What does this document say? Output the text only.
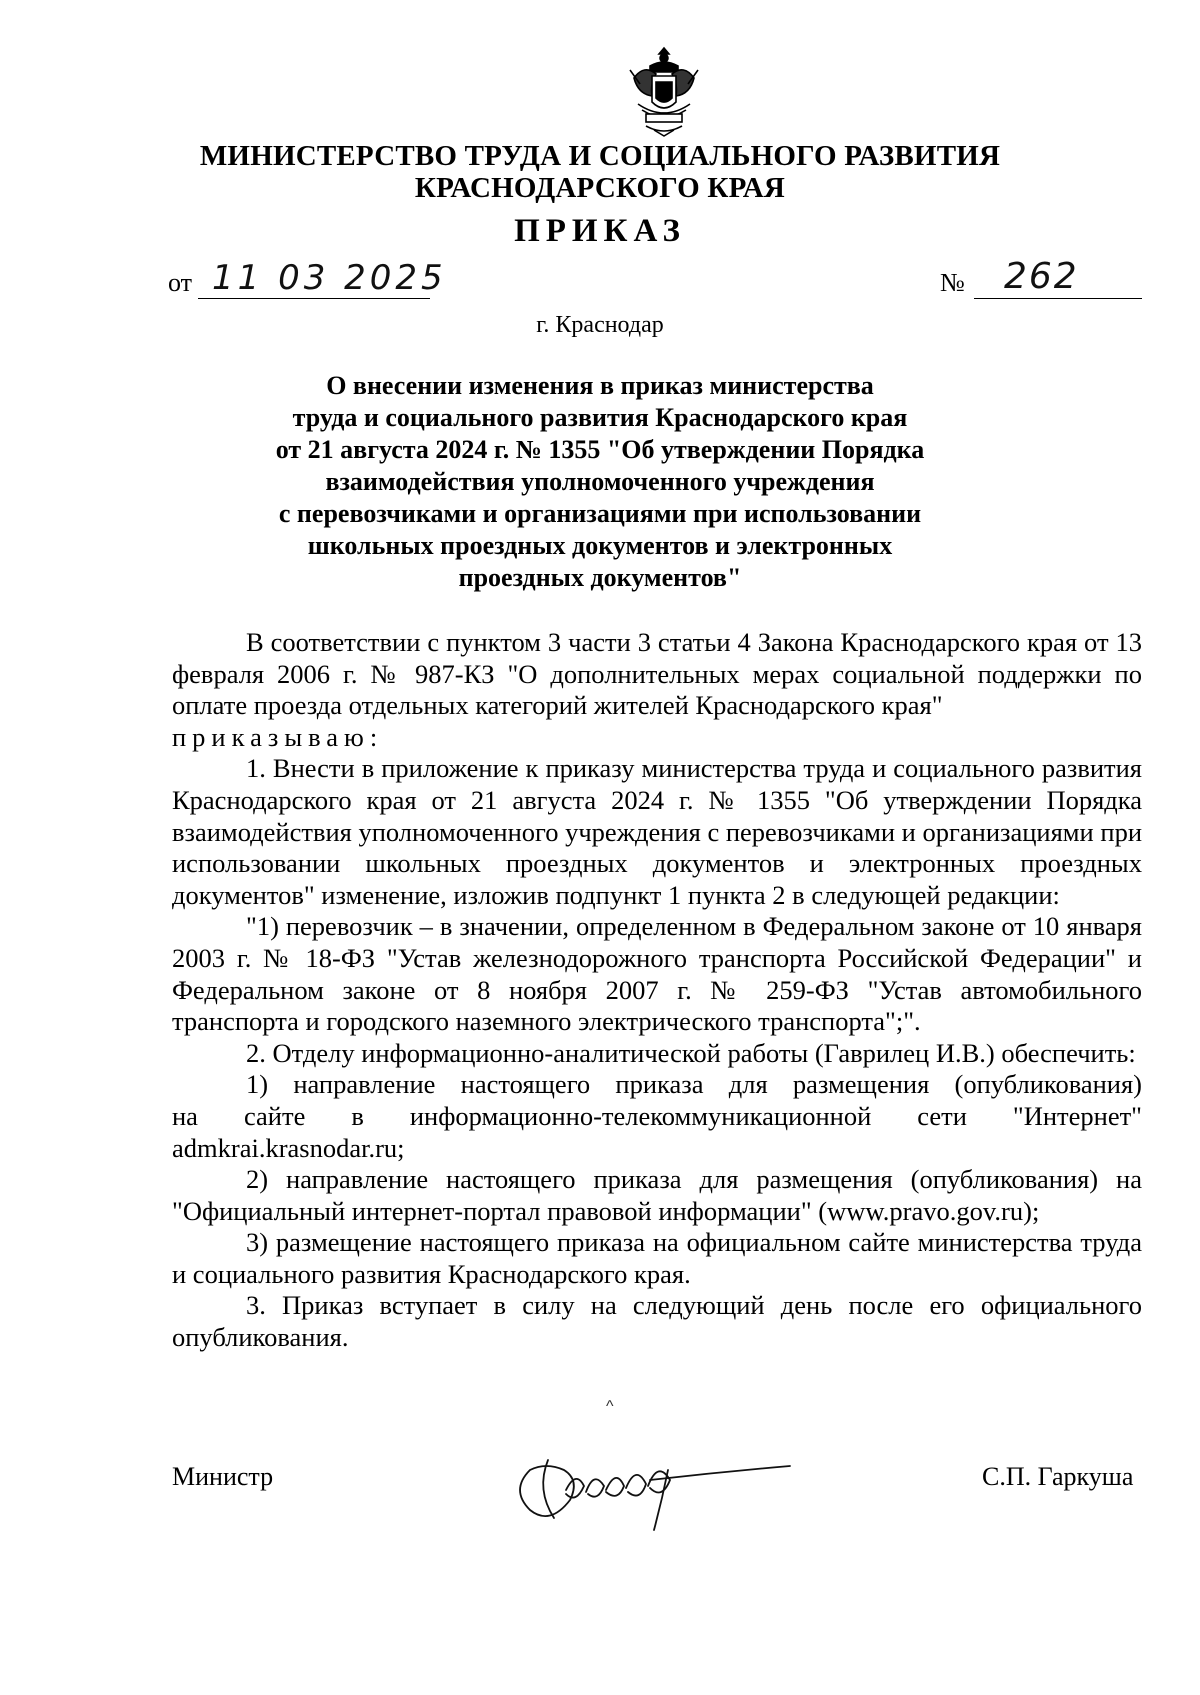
МИНИСТЕРСТВО ТРУДА И СОЦИАЛЬНОГО РАЗВИТИЯ
КРАСНОДАРСКОГО КРАЯ
ПРИКАЗ
от 11 03 2025	№ 262
г. Краснодар
О внесении изменения в приказ министерства
труда и социального развития Краснодарского края
от 21 августа 2024 г. № 1355 "Об утверждении Порядка
взаимодействия уполномоченного учреждения
с перевозчиками и организациями при использовании
школьных проездных документов и электронных
проездных документов"
В соответствии с пунктом 3 части 3 статьи 4 Закона Краснодарского края от 13 февраля 2006 г. № 987-КЗ "О дополнительных мерах социальной поддержки по оплате проезда отдельных категорий жителей Краснодарского края"
приказываю:
1. Внести в приложение к приказу министерства труда и социального развития Краснодарского края от 21 августа 2024 г. № 1355 "Об утверждении Порядка взаимодействия уполномоченного учреждения с перевозчиками и организациями при использовании школьных проездных документов и электронных проездных документов" изменение, изложив подпункт 1 пункта 2 в следующей редакции:
"1) перевозчик – в значении, определенном в Федеральном законе от 10 января 2003 г. № 18-ФЗ "Устав железнодорожного транспорта Российской Федерации" и Федеральном законе от 8 ноября 2007 г. № 259-ФЗ "Устав автомобильного транспорта и городского наземного электрического транспорта";".
2. Отделу информационно-аналитической работы (Гаврилец И.В.) обеспечить:
1) направление настоящего приказа для размещения (опубликования)
на сайте в информационно-телекоммуникационной сети "Интернет"
admkrai.krasnodar.ru;
2) направление настоящего приказа для размещения (опубликования) на "Официальный интернет-портал правовой информации" (www.pravo.gov.ru);
3) размещение настоящего приказа на официальном сайте министерства труда и социального развития Краснодарского края.
3. Приказ вступает в силу на следующий день после его официального опубликования.
^
Министр	С.П. Гаркуша
